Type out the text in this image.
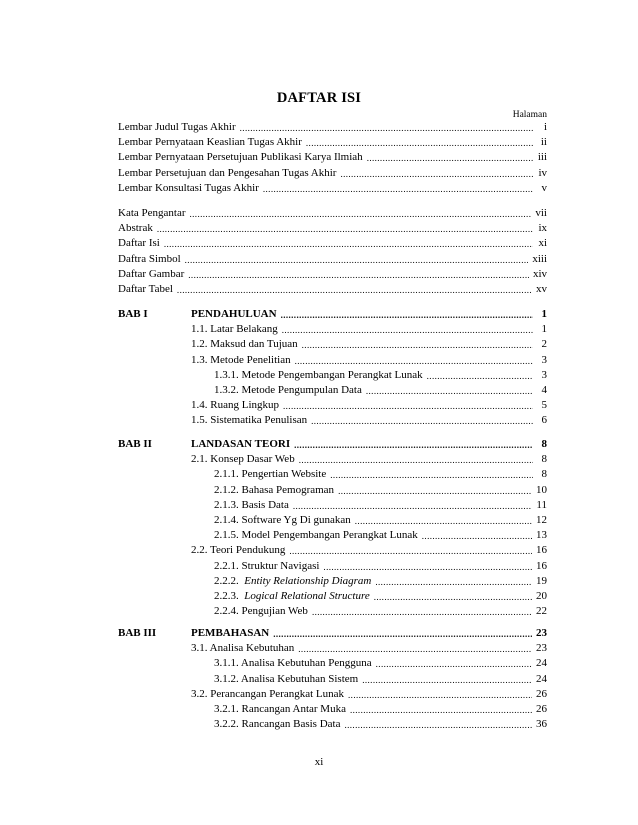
DAFTAR ISI
Halaman
Lembar Judul Tugas Akhir .....	i
Lembar Pernyataan Keaslian Tugas Akhir .....	ii
Lembar Pernyataan Persetujuan Publikasi Karya Ilmiah .....	iii
Lembar Persetujuan dan Pengesahan Tugas Akhir .....	iv
Lembar Konsultasi Tugas Akhir .....	v
Kata Pengantar .....	vii
Abstrak .....	ix
Daftar Isi .....	xi
Daftra Simbol .....	xiii
Daftar Gambar .....	xiv
Daftar Tabel .....	xv
BAB I	PENDAHULUAN .....	1
1.1. Latar Belakang .....	1
1.2. Maksud dan Tujuan .....	2
1.3. Metode Penelitian .....	3
1.3.1. Metode Pengembangan Perangkat Lunak .....	3
1.3.2. Metode Pengumpulan Data .....	4
1.4. Ruang Lingkup .....	5
1.5. Sistematika Penulisan .....	6
BAB II	LANDASAN TEORI .....	8
2.1. Konsep Dasar Web .....	8
2.1.1. Pengertian Website .....	8
2.1.2. Bahasa Pemograman .....	10
2.1.3. Basis Data .....	11
2.1.4. Software Yg Di gunakan .....	12
2.1.5. Model Pengembangan Perangkat Lunak .....	13
2.2. Teori Pendukung .....	16
2.2.1. Struktur Navigasi .....	16
2.2.2.  Entity Relationship Diagram .....	19
2.2.3.  Logical Relational Structure .....	20
2.2.4. Pengujian Web .....	22
BAB III	PEMBAHASAN .....	23
3.1. Analisa Kebutuhan .....	23
3.1.1. Analisa Kebutuhan Pengguna .....	24
3.1.2. Analisa Kebutuhan Sistem .....	24
3.2. Perancangan Perangkat Lunak .....	26
3.2.1. Rancangan Antar Muka .....	26
3.2.2. Rancangan Basis Data .....	36
xi
